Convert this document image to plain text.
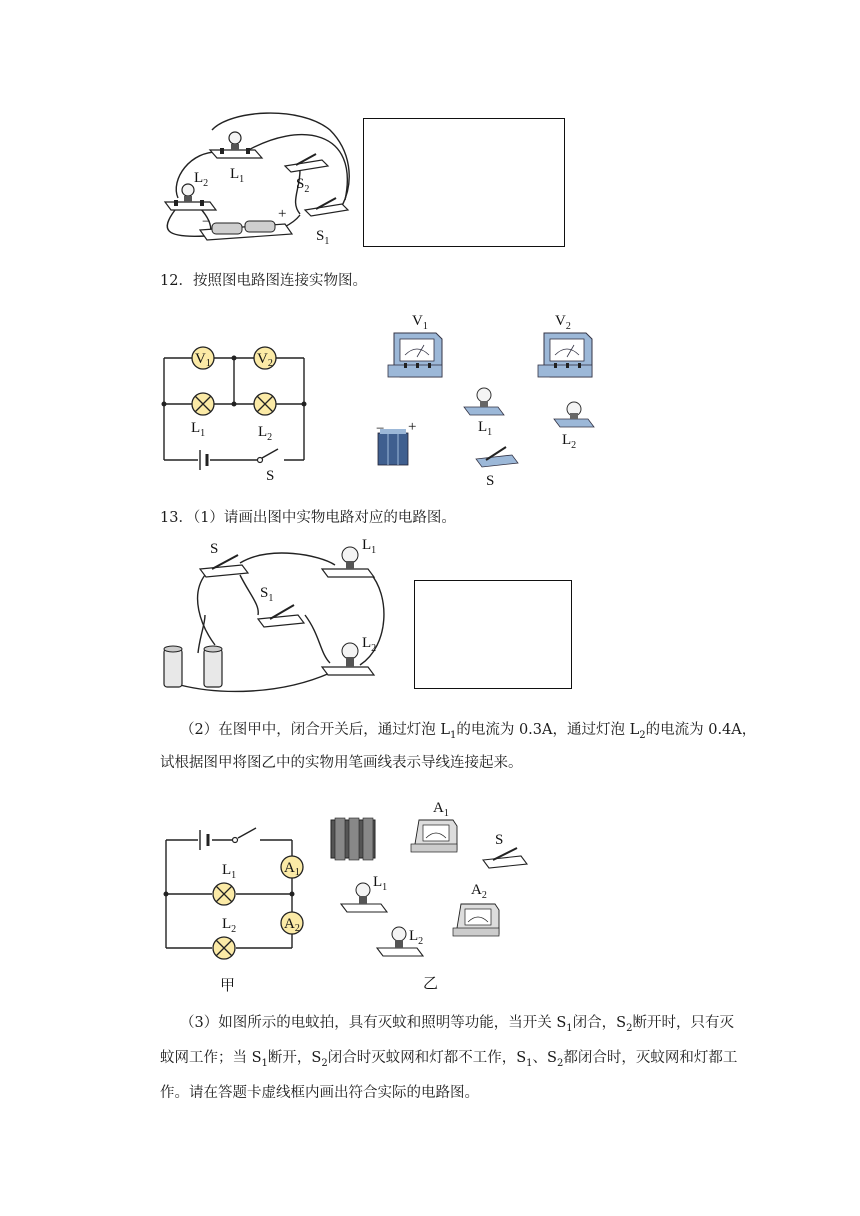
$L_1$
$L_2$	$S_2$
$S_1$
−	+
12．按照图电路图连接实物图。
$V_1$	$V_2$
$L_1$	$L_2$
S
$V_1$	$V_2$
− +	$L_1$	$L_2$
S
13．（1）请画出图中实物电路对应的电路图。
S
$S_1$
$L_1$
$L_2$
（2）在图甲中，闭合开关后，通过灯泡 $L_1$的电流为 0.3A，通过灯泡 $L_2$的电流为 0.4A，
试根据图甲将图乙中的实物用笔画线表示导线连接起来。
$A_1$
$A_2$
$L_1$
$L_2$
甲
$A_1$
S
$L_1$	$A_2$
$L_2$
乙
（3）如图所示的电蚊拍，具有灭蚊和照明等功能，当开关 $S_1$闭合，$S_2$断开时，只有灭
蚊网工作；当 $S_1$断开，$S_2$闭合时灭蚊网和灯都不工作，$S_1$、$S_2$都闭合时，灭蚊网和灯都工
作。请在答题卡虚线框内画出符合实际的电路图。
